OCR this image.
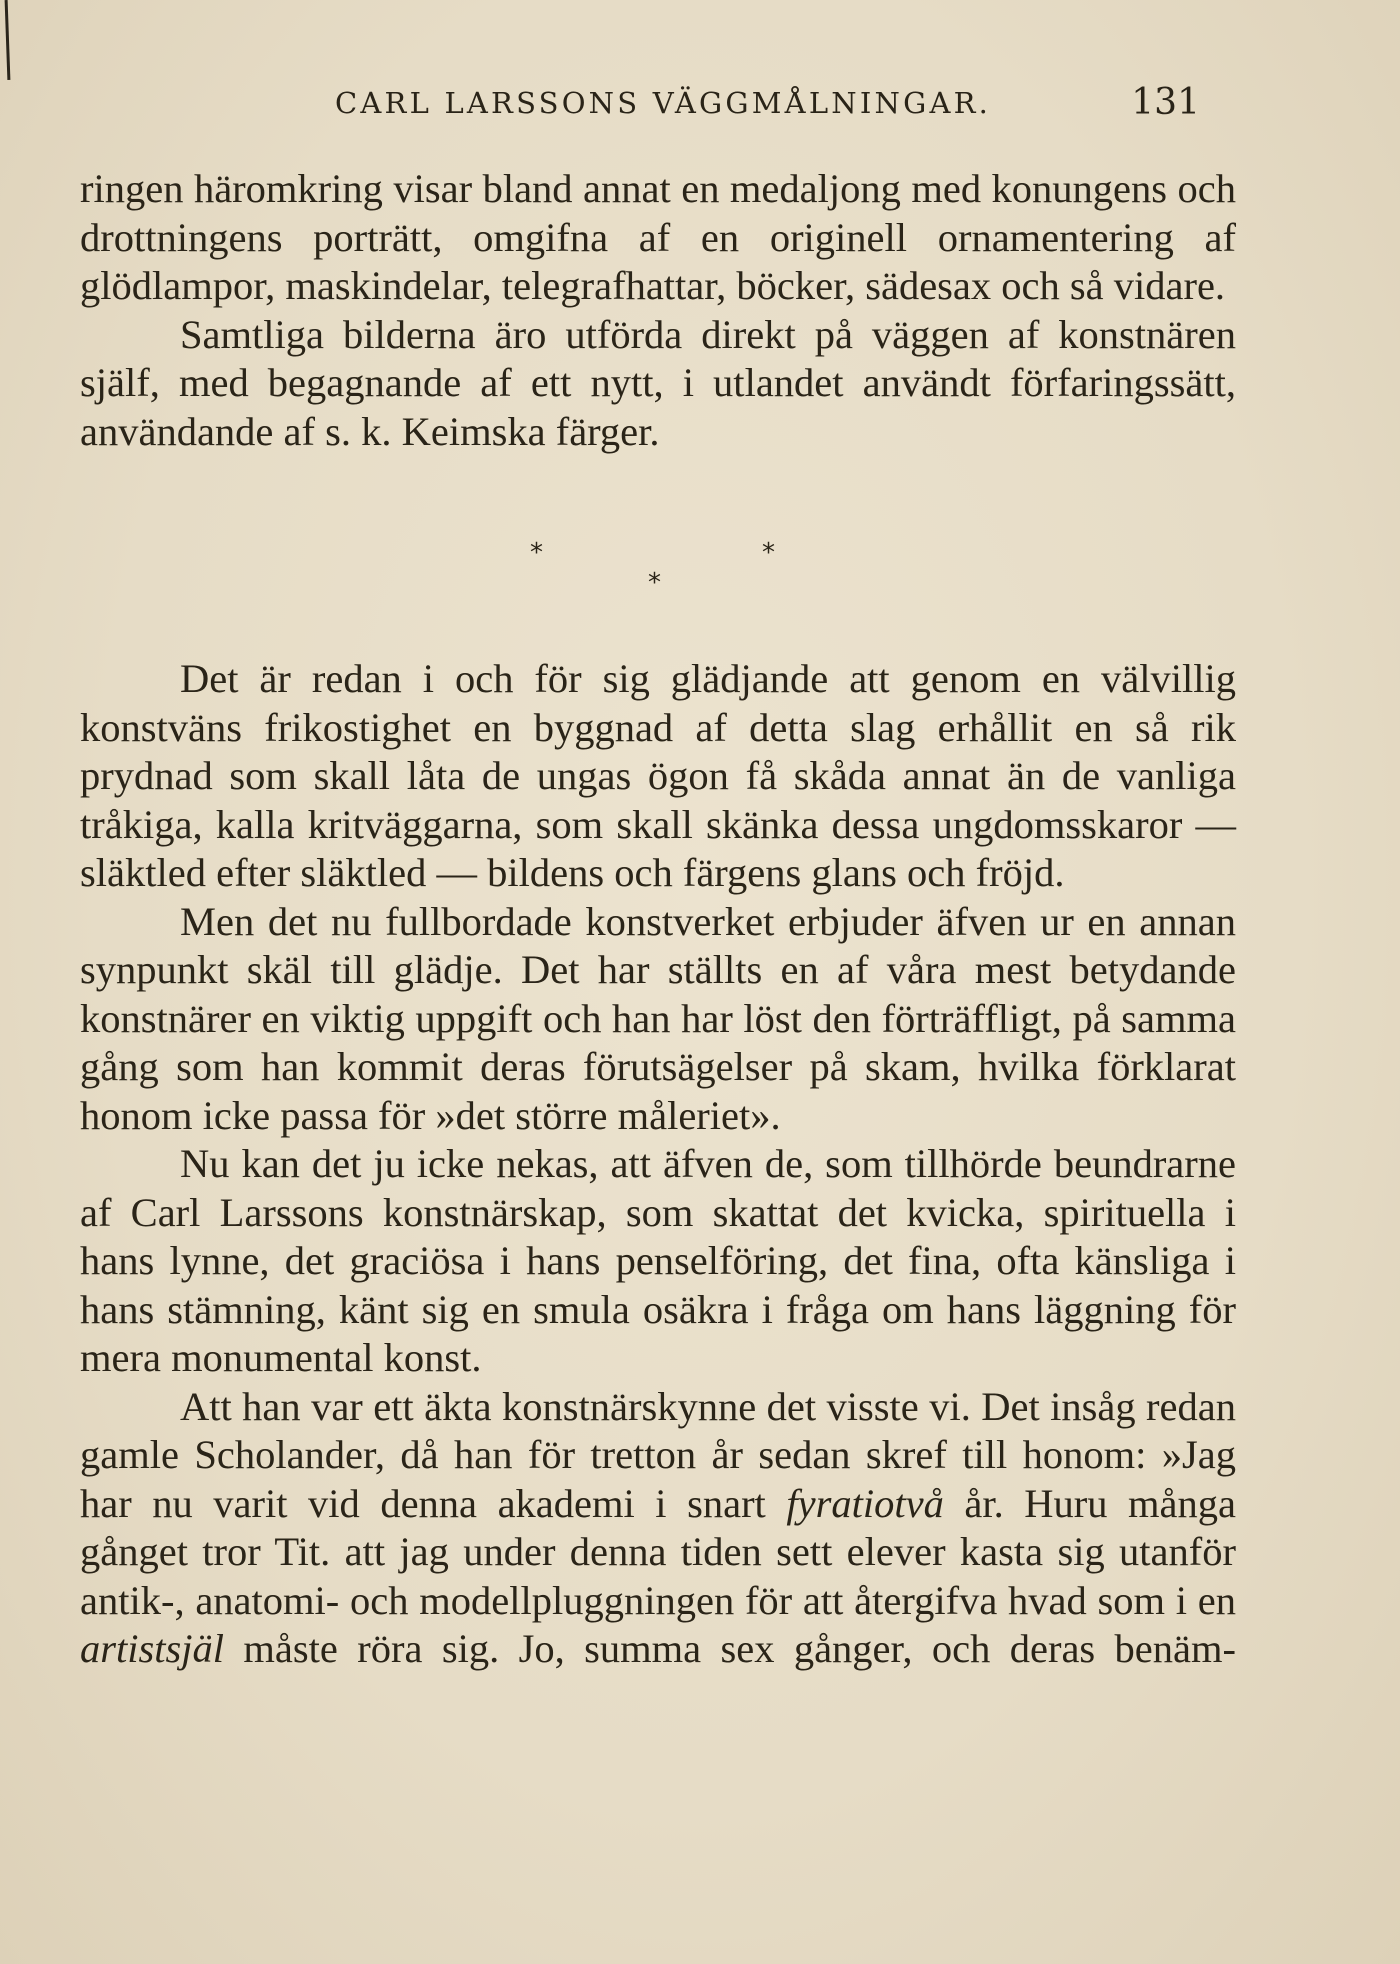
CARL LARSSONS VÄGGMÅLNINGAR.	131

ringen häromkring visar bland annat en medaljong med konungens och drottningens porträtt, omgifna af en originell ornamentering af glödlampor, maskindelar, telegrafhattar, böcker, sädesax och så vidare.

Samtliga bilderna äro utförda direkt på väggen af konstnären själf, med begagnande af ett nytt, i utlandet användt förfaringssätt, användande af s. k. Keimska färger.

*	*
*

Det är redan i och för sig glädjande att genom en välvillig konstväns frikostighet en byggnad af detta slag erhållit en så rik prydnad som skall låta de ungas ögon få skåda annat än de vanliga tråkiga, kalla kritväggarna, som skall skänka dessa ungdomsskaror — släktled efter släktled — bildens och färgens glans och fröjd.

Men det nu fullbordade konstverket erbjuder äfven ur en annan synpunkt skäl till glädje. Det har ställts en af våra mest betydande konstnärer en viktig uppgift och han har löst den förträffligt, på samma gång som han kommit deras förutsägelser på skam, hvilka förklarat honom icke passa för »det större måleriet».

Nu kan det ju icke nekas, att äfven de, som tillhörde beundrarne af Carl Larssons konstnärskap, som skattat det kvicka, spirituella i hans lynne, det graciösa i hans penselföring, det fina, ofta känsliga i hans stämning, känt sig en smula osäkra i fråga om hans läggning för mera monumental konst.

Att han var ett äkta konstnärskynne det visste vi. Det insåg redan gamle Scholander, då han för tretton år sedan skref till honom: »Jag har nu varit vid denna akademi i snart fyratiotvå år. Huru många gånget tror Tit. att jag under denna tiden sett elever kasta sig utanför antik-, anatomi- och modellpluggningen för att återgifva hvad som i en artistsjäl måste röra sig. Jo, summa sex gånger, och deras benäm-
